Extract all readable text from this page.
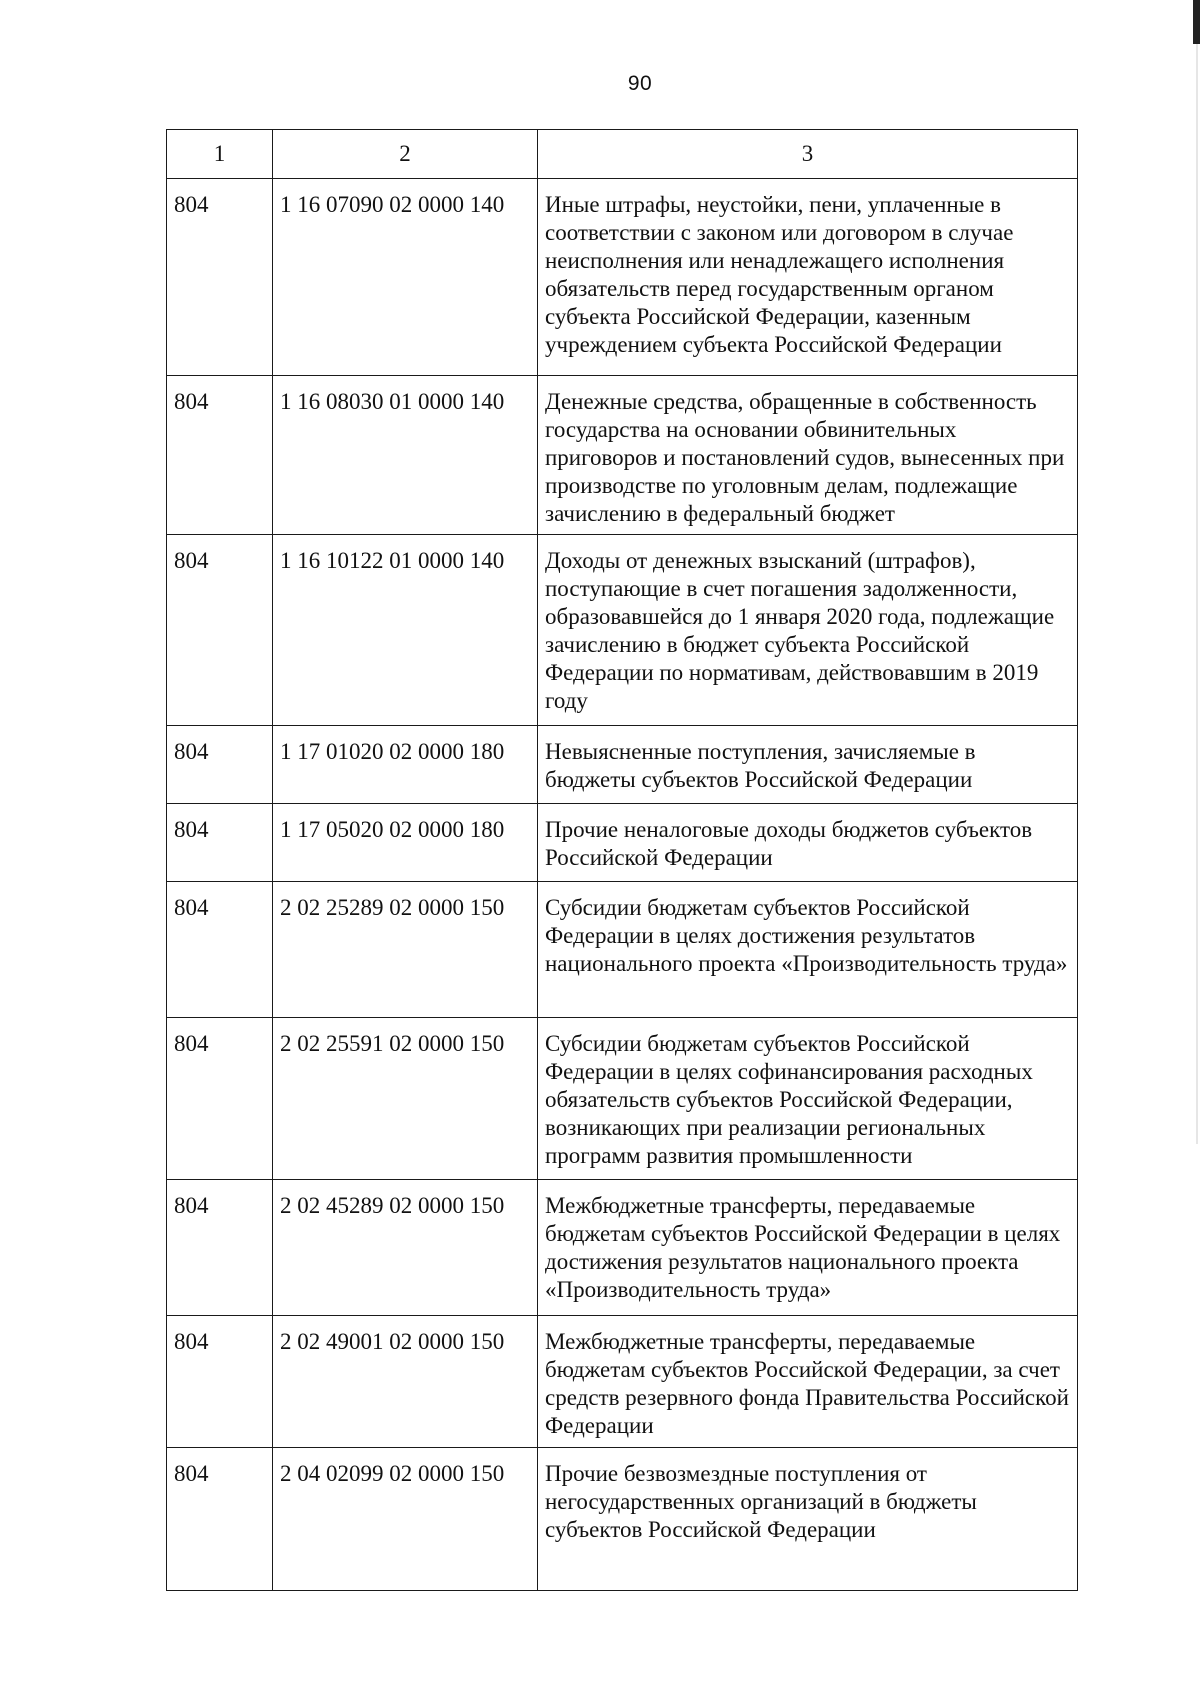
90
1	2	3
804	1 16 07090 02 0000 140	Иные штрафы, неустойки, пени, уплаченные в соответствии с законом или договором в случае неисполнения или ненадлежащего исполнения обязательств перед государственным органом субъекта Российской Федерации, казенным учреждением субъекта Российской Федерации
804	1 16 08030 01 0000 140	Денежные средства, обращенные в собственность государства на основании обвинительных приговоров и постановлений судов, вынесенных при производстве по уголовным делам, подлежащие зачислению в федеральный бюджет
804	1 16 10122 01 0000 140	Доходы от денежных взысканий (штрафов), поступающие в счет погашения задолженности, образовавшейся до 1 января 2020 года, подлежащие зачислению в бюджет субъекта Российской Федерации по нормативам, действовавшим в 2019 году
804	1 17 01020 02 0000 180	Невыясненные поступления, зачисляемые в бюджеты субъектов Российской Федерации
804	1 17 05020 02 0000 180	Прочие неналоговые доходы бюджетов субъектов Российской Федерации
804	2 02 25289 02 0000 150	Субсидии бюджетам субъектов Российской Федерации в целях достижения результатов национального проекта «Производительность труда»
804	2 02 25591 02 0000 150	Субсидии бюджетам субъектов Российской Федерации в целях софинансирования расходных обязательств субъектов Российской Федерации, возникающих при реализации региональных программ развития промышленности
804	2 02 45289 02 0000 150	Межбюджетные трансферты, передаваемые бюджетам субъектов Российской Федерации в целях достижения результатов национального проекта «Производительность труда»
804	2 02 49001 02 0000 150	Межбюджетные трансферты, передаваемые бюджетам субъектов Российской Федерации, за счет средств резервного фонда Правительства Российской Федерации
804	2 04 02099 02 0000 150	Прочие безвозмездные поступления от негосударственных организаций в бюджеты субъектов Российской Федерации
